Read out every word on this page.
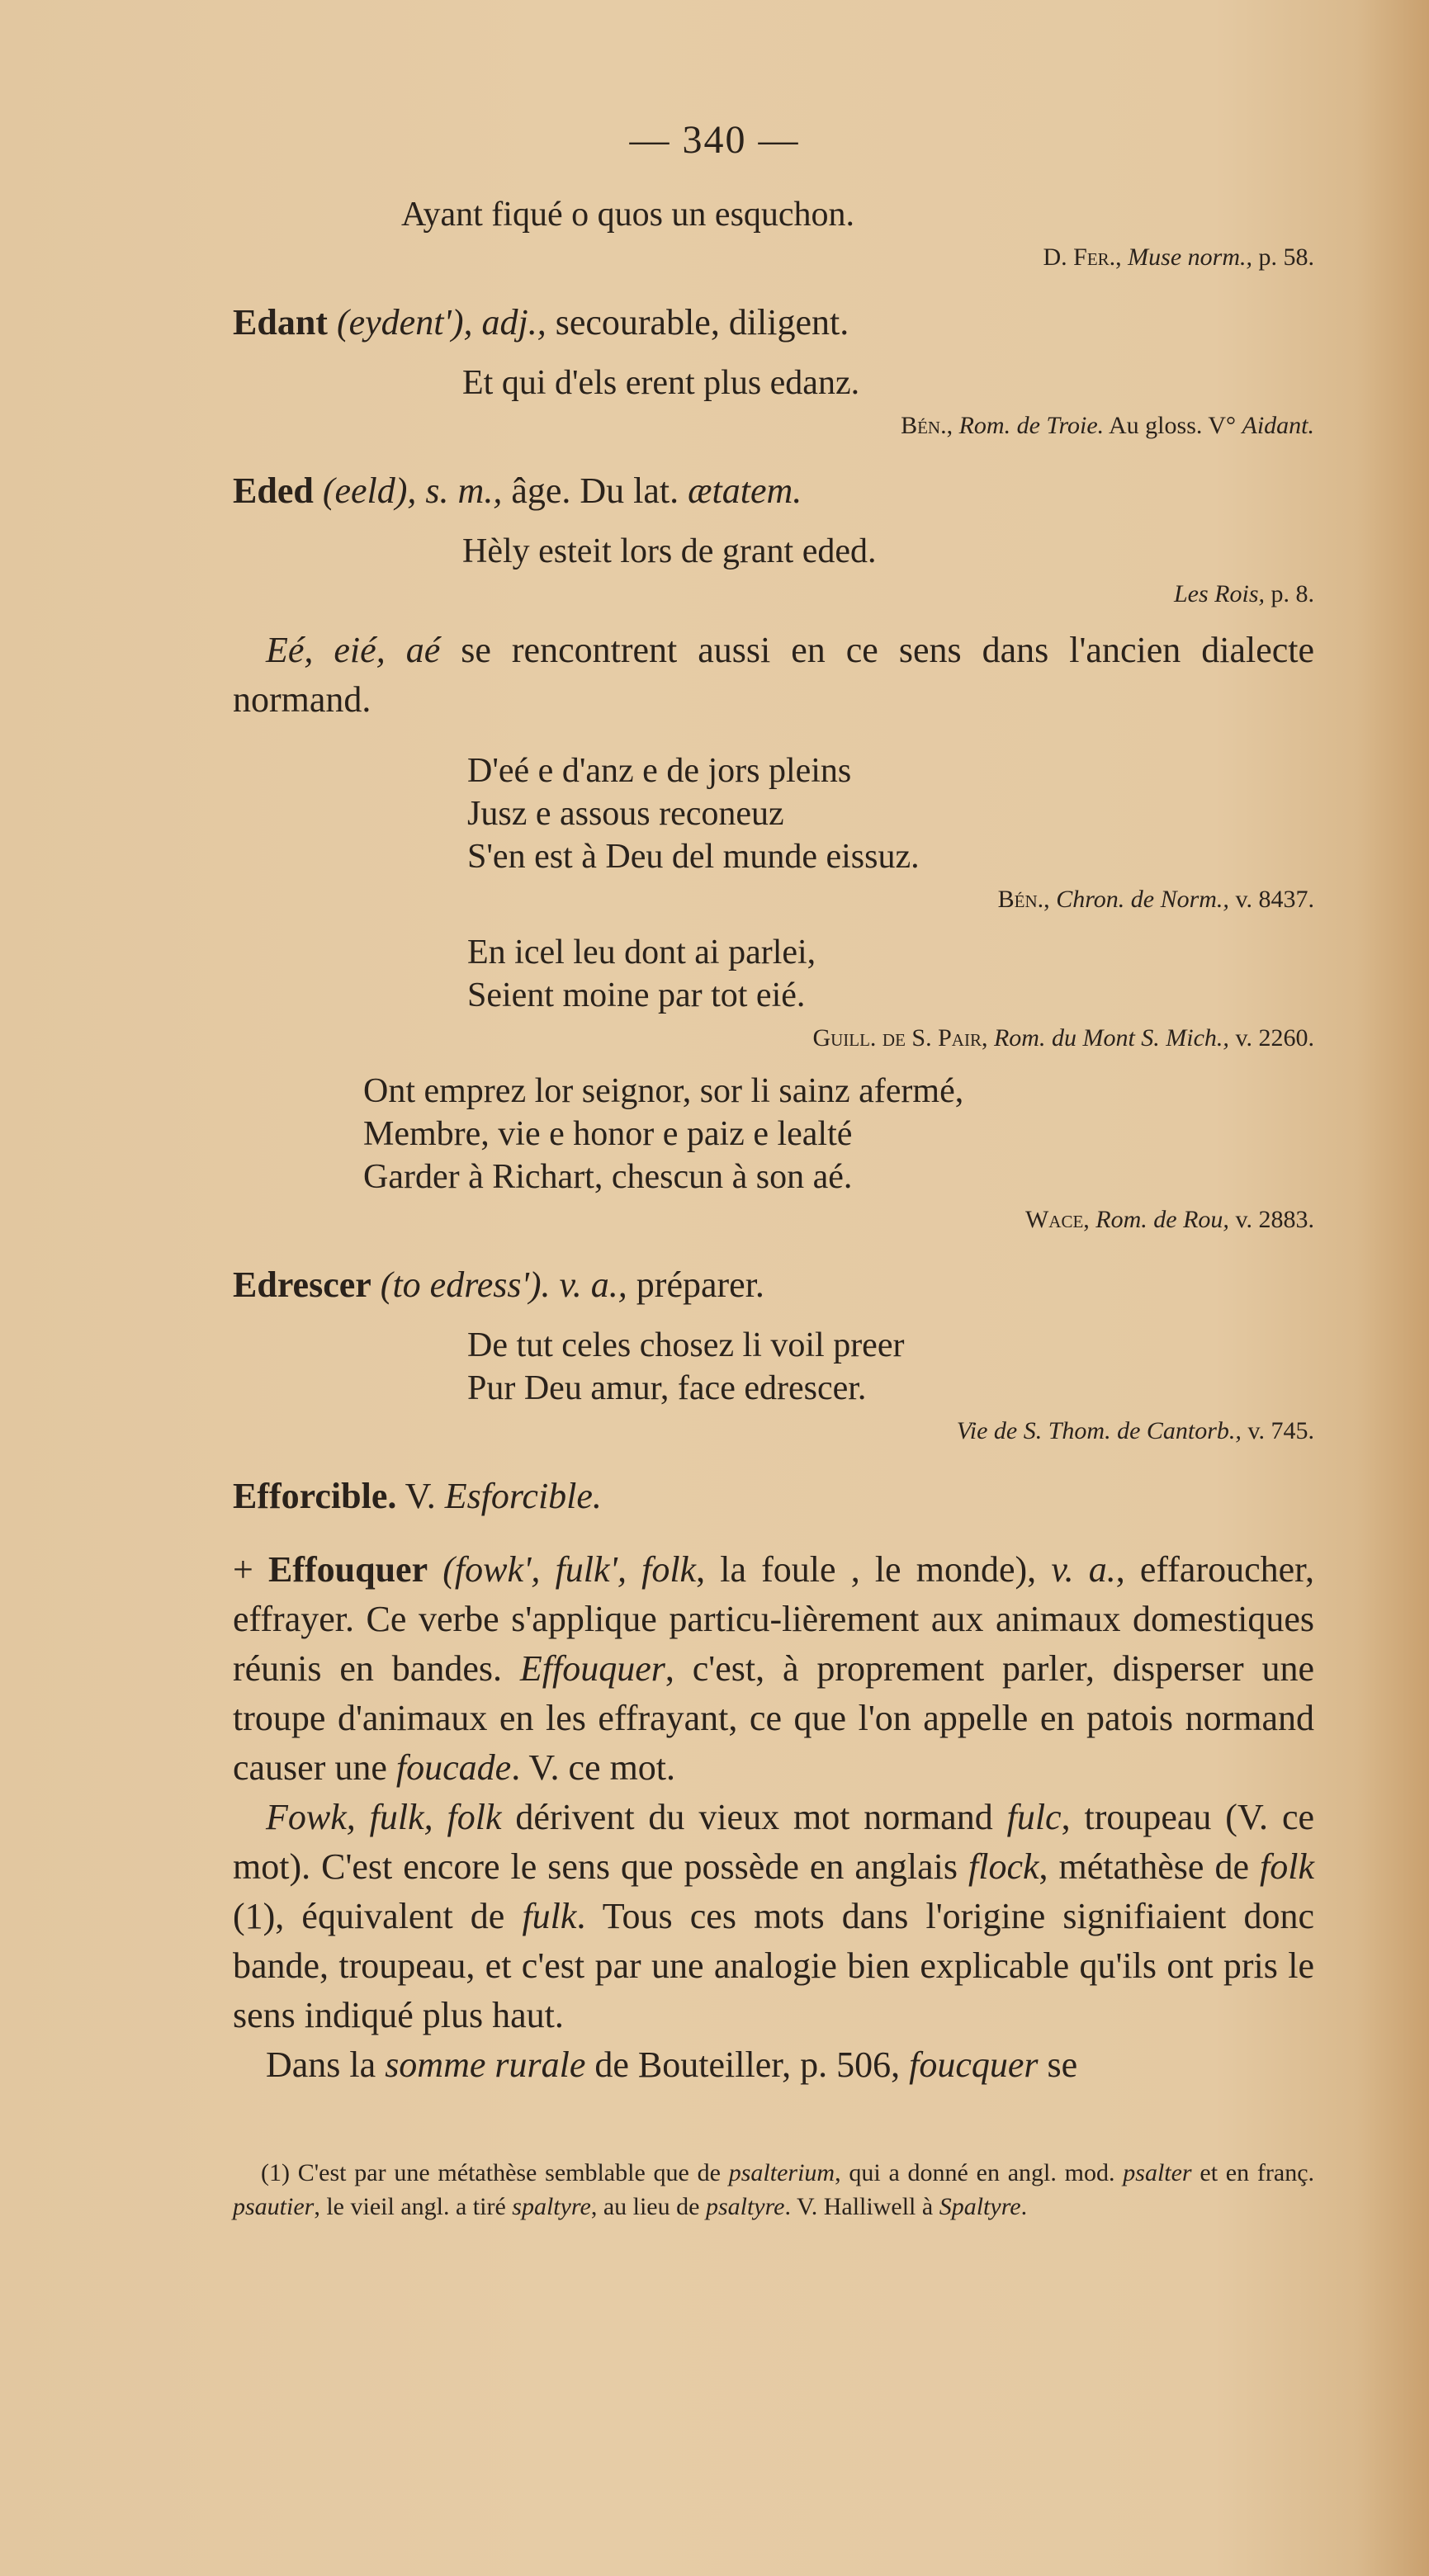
— 340 —
Ayant fiqué o quos un esquchon.
D. Fer., Muse norm., p. 58.
Edant (eydent'), adj., secourable, diligent.
Et qui d'els erent plus edanz.
Bén., Rom. de Troie. Au gloss. V° Aidant.
Eded (eeld), s. m., âge. Du lat. ætatem.
Hèly esteit lors de grant eded.
Les Rois, p. 8.
Eé, eié, aé se rencontrent aussi en ce sens dans l'ancien dialecte normand.
D'eé e d'anz e de jors pleins
Jusz e assous reconeuz
S'en est à Deu del munde eissuz.
Bén., Chron. de Norm., v. 8437.
En icel leu dont ai parlei,
Seient moine par tot eié.
Guill. de S. Pair, Rom. du Mont S. Mich., v. 2260.
Ont emprez lor seignor, sor li sainz afermé,
Membre, vie e honor e paiz e lealté
Garder à Richart, chescun à son aé.
Wace, Rom. de Rou, v. 2883.
Edrescer (to edress'). v. a., préparer.
De tut celes chosez li voil preer
Pur Deu amur, face edrescer.
Vie de S. Thom. de Cantorb., v. 745.
Efforcible. V. Esforcible.
+ Effouquer (fowk', fulk', folk, la foule , le monde), v. a., effaroucher, effrayer. Ce verbe s'applique particu-lièrement aux animaux domestiques réunis en bandes. Effouquer, c'est, à proprement parler, disperser une troupe d'animaux en les effrayant, ce que l'on appelle en patois normand causer une foucade. V. ce mot.
Fowk, fulk, folk dérivent du vieux mot normand fulc, troupeau (V. ce mot). C'est encore le sens que possède en anglais flock, métathèse de folk (1), équivalent de fulk. Tous ces mots dans l'origine signifiaient donc bande, troupeau, et c'est par une analogie bien explicable qu'ils ont pris le sens indiqué plus haut.
Dans la somme rurale de Bouteiller, p. 506, foucquer se
(1) C'est par une métathèse semblable que de psalterium, qui a donné en angl. mod. psalter et en franç. psautier, le vieil angl. a tiré spaltyre, au lieu de psaltyre. V. Halliwell à Spaltyre.
